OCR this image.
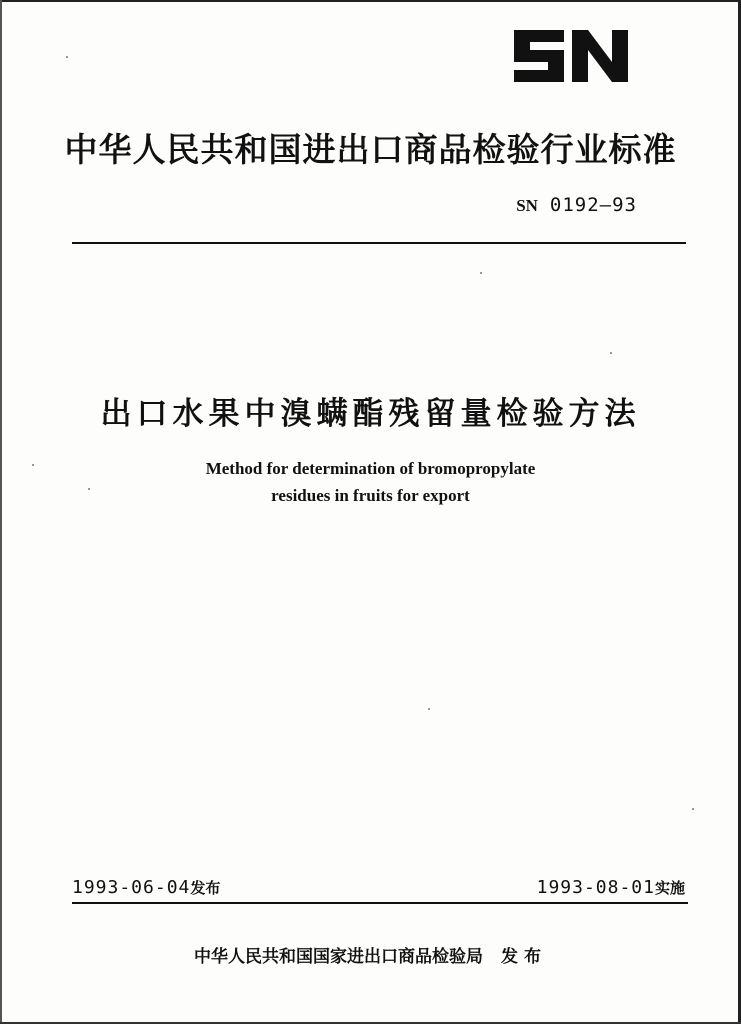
中华人民共和国进出口商品检验行业标准
SN 0192—93
出口水果中溴螨酯残留量检验方法
Method for determination of bromopropylate
residues in fruits for export
1993-06-04发布	1993-08-01实施
中华人民共和国国家进出口商品检验局 发布
